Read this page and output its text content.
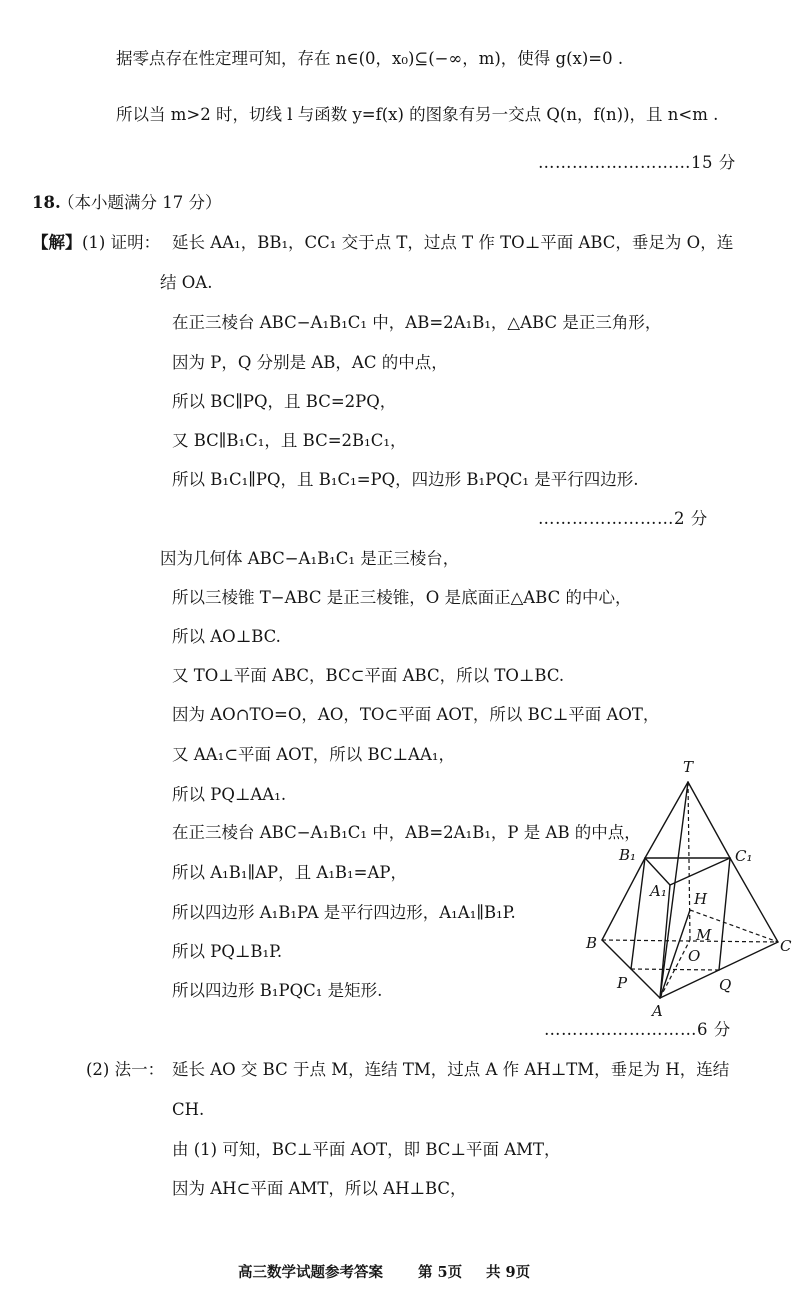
据零点存在性定理可知，存在 n∈(0，x₀)⊆(−∞，m)，使得 g(x)=0 .
所以当 m>2 时，切线 l 与函数 y=f(x) 的图象有另一交点 Q(n，f(n))，且 n<m .
………………………15 分
18.
（本小题满分 17 分）
【解】 (1) 证明： 延长 AA₁，BB₁，CC₁ 交于点 T，过点 T 作 TO⊥平面 ABC，垂足为 O，连
结 OA.
在正三棱台 ABC−A₁B₁C₁ 中，AB=2A₁B₁，△ABC 是正三角形，
因为 P，Q 分别是 AB，AC 的中点，
所以 BC∥PQ，且 BC=2PQ，
又 BC∥B₁C₁，且 BC=2B₁C₁，
所以 B₁C₁∥PQ，且 B₁C₁=PQ，四边形 B₁PQC₁ 是平行四边形.
……………………2 分
因为几何体 ABC−A₁B₁C₁ 是正三棱台，
所以三棱锥 T−ABC 是正三棱锥，O 是底面正△ABC 的中心，
所以 AO⊥BC.
又 TO⊥平面 ABC，BC⊂平面 ABC，所以 TO⊥BC.
因为 AO∩TO=O，AO，TO⊂平面 AOT，所以 BC⊥平面 AOT，
又 AA₁⊂平面 AOT，所以 BC⊥AA₁，
所以 PQ⊥AA₁.
在正三棱台 ABC−A₁B₁C₁ 中，AB=2A₁B₁，P 是 AB 的中点，
所以 A₁B₁∥AP，且 A₁B₁=AP，
所以四边形 A₁B₁PA 是平行四边形，A₁A₁∥B₁P.
所以 PQ⊥B₁P.
所以四边形 B₁PQC₁ 是矩形.
………………………6 分
(2) 法一： 延长 AO 交 BC 于点 M，连结 TM，过点 A 作 AH⊥TM，垂足为 H，连结
CH.
由 (1) 可知，BC⊥平面 AOT，即 BC⊥平面 AMT，
因为 AH⊂平面 AMT，所以 AH⊥BC，
T
B₁	C₁
A₁ H
M
B
O
C
P	Q
A
高三数学试题参考答案 第 5页 共 9页
